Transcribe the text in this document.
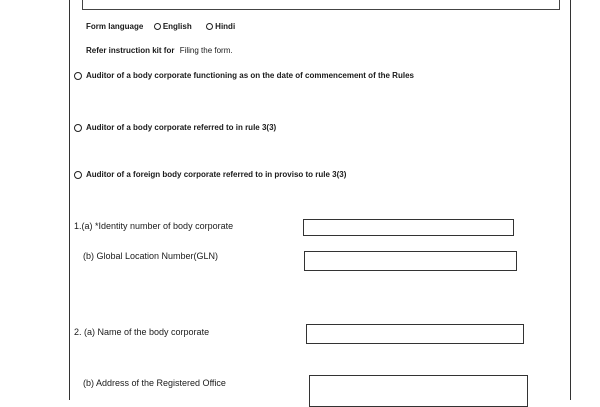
Form language English	Hindi
Refer instruction kit for Filing the form.
Auditor of a body corporate functioning as on the date of commencement of the Rules
Auditor of a body corporate referred to in rule 3(3)
Auditor of a foreign body corporate referred to in proviso to rule 3(3)
1.(a) *Identity number of body corporate
(b) Global Location Number(GLN)
2. (a) Name of the body corporate
(b) Address of the Registered Office
